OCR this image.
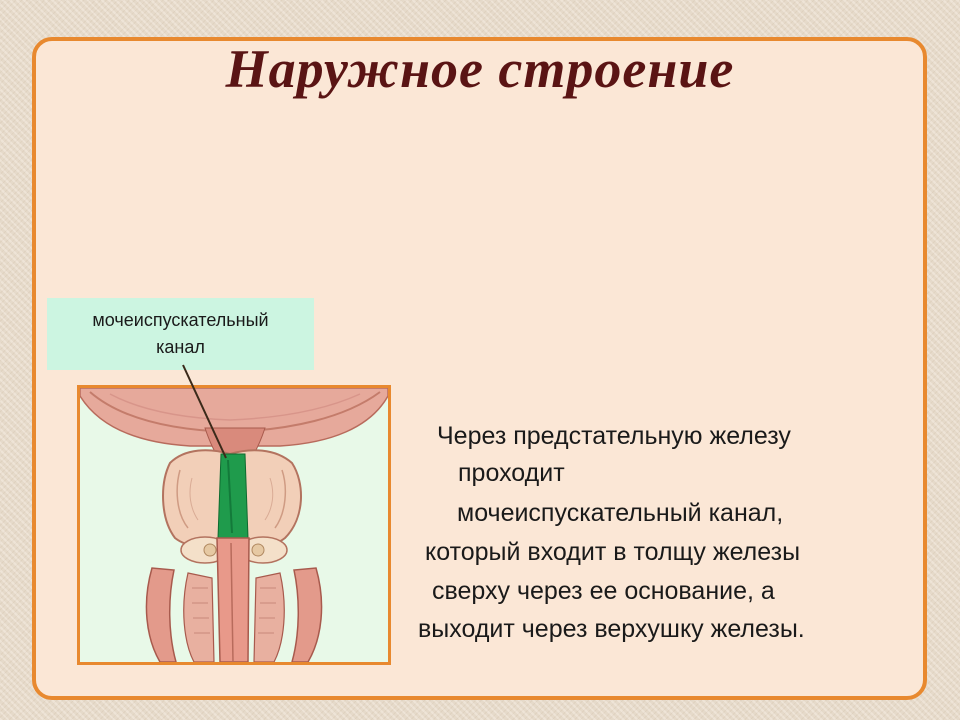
Наружное строение
мочеиспускательный
канал
Через предстательную железу
проходит
мочеиспускательный канал,
который входит в толщу железы
сверху через ее основание, а
выходит через верхушку железы.
